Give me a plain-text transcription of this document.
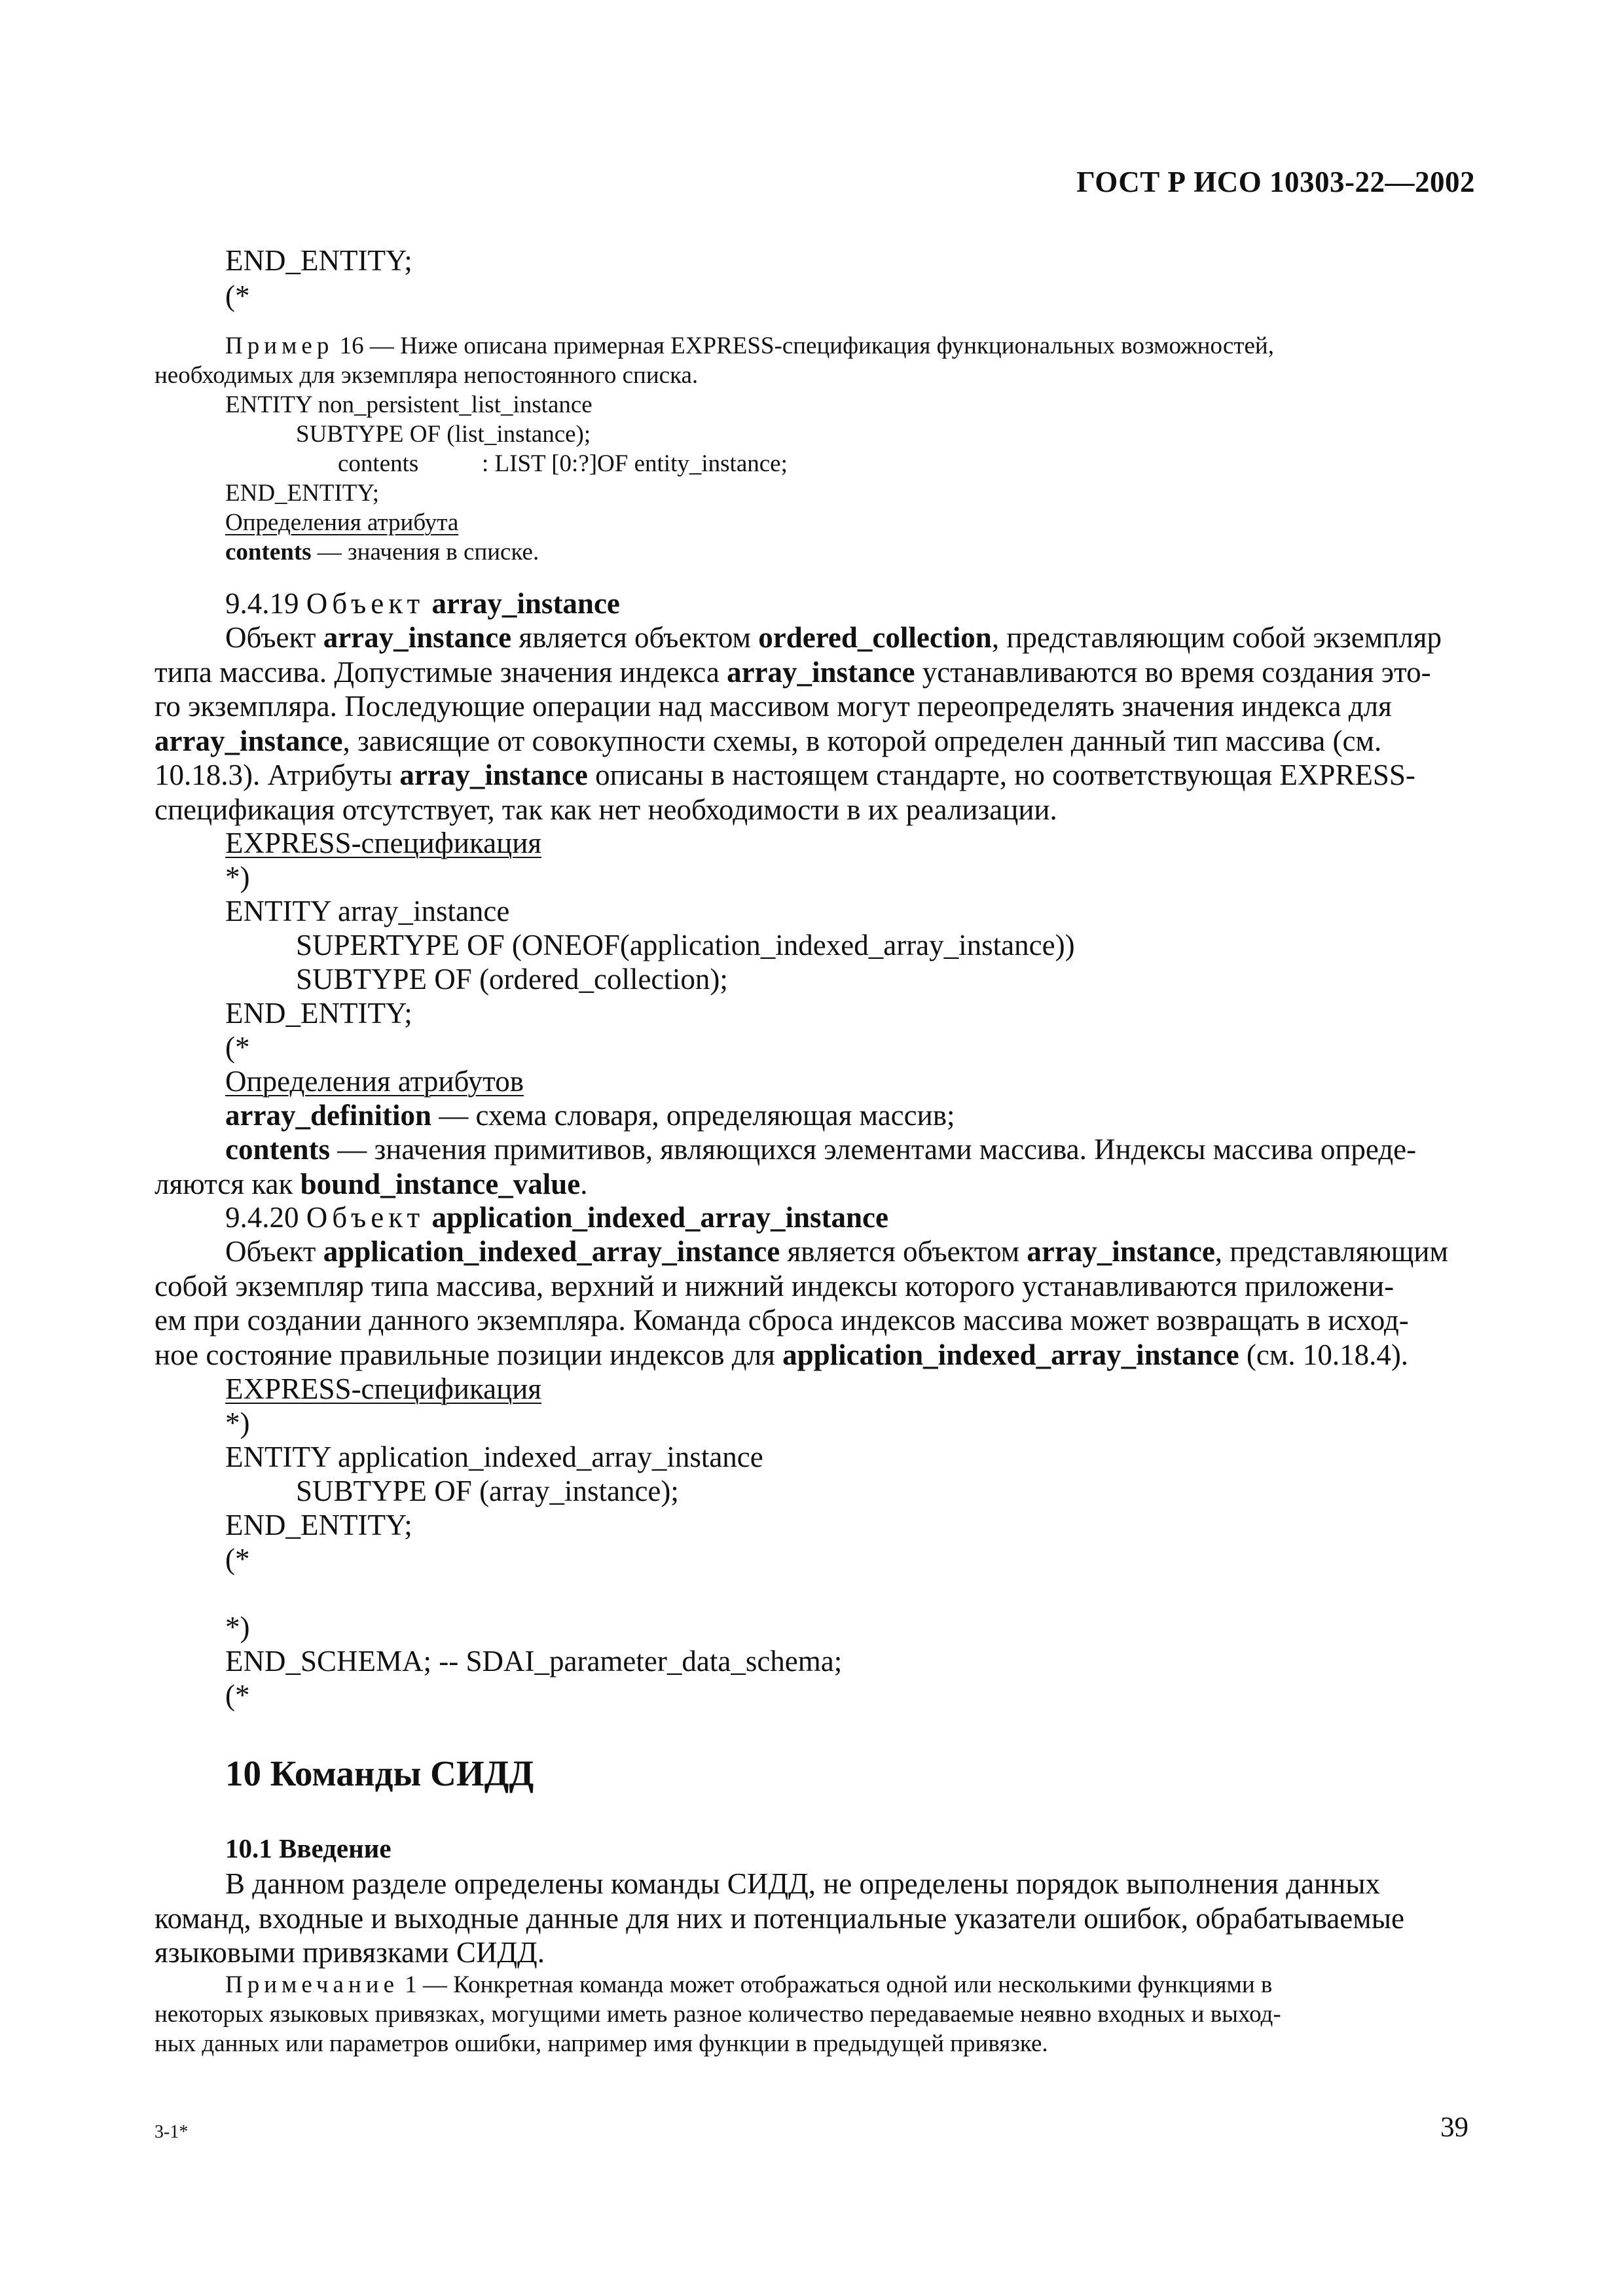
ГОСТ Р ИСО 10303-22—2002
END_ENTITY;
(*
Пример 16 — Ниже описана примерная EXPRESS-спецификация функциональных возможностей,
необходимых для экземпляра непостоянного списка.
ENTITY non_persistent_list_instance
SUBTYPE OF (list_instance);
contents	: LIST [0:?]OF entity_instance;
END_ENTITY;
Определения атрибута
contents — значения в списке.
9.4.19 Объект array_instance
Объект array_instance является объектом ordered_collection, представляющим собой экземпляр
типа массива. Допустимые значения индекса array_instance устанавливаются во время создания это-
го экземпляра. Последующие операции над массивом могут переопределять значения индекса для
array_instance, зависящие от совокупности схемы, в которой определен данный тип массива (см.
10.18.3). Атрибуты array_instance описаны в настоящем стандарте, но соответствующая EXPRESS-
спецификация отсутствует, так как нет необходимости в их реализации.
EXPRESS-спецификация
*)
ENTITY array_instance
SUPERTYPE OF (ONEOF(application_indexed_array_instance))
SUBTYPE OF (ordered_collection);
END_ENTITY;
(*
Определения атрибутов
array_definition — схема словаря, определяющая массив;
contents — значения примитивов, являющихся элементами массива. Индексы массива опреде-
ляются как bound_instance_value.
9.4.20 Объект application_indexed_array_instance
Объект application_indexed_array_instance является объектом array_instance, представляющим
собой экземпляр типа массива, верхний и нижний индексы которого устанавливаются приложени-
ем при создании данного экземпляра. Команда сброса индексов массива может возвращать в исход-
ное состояние правильные позиции индексов для application_indexed_array_instance (см. 10.18.4).
EXPRESS-спецификация
*)
ENTITY application_indexed_array_instance
SUBTYPE OF (array_instance);
END_ENTITY;
(*
*)
END_SCHEMA; -- SDAI_parameter_data_schema;
(*
10 Команды СИДД
10.1 Введение
В данном разделе определены команды СИДД, не определены порядок выполнения данных
команд, входные и выходные данные для них и потенциальные указатели ошибок, обрабатываемые
языковыми привязками СИДД.
Примечание 1 — Конкретная команда может отображаться одной или несколькими функциями в
некоторых языковых привязках, могущими иметь разное количество передаваемые неявно входных и выход-
ных данных или параметров ошибки, например имя функции в предыдущей привязке.
3-1*	39
